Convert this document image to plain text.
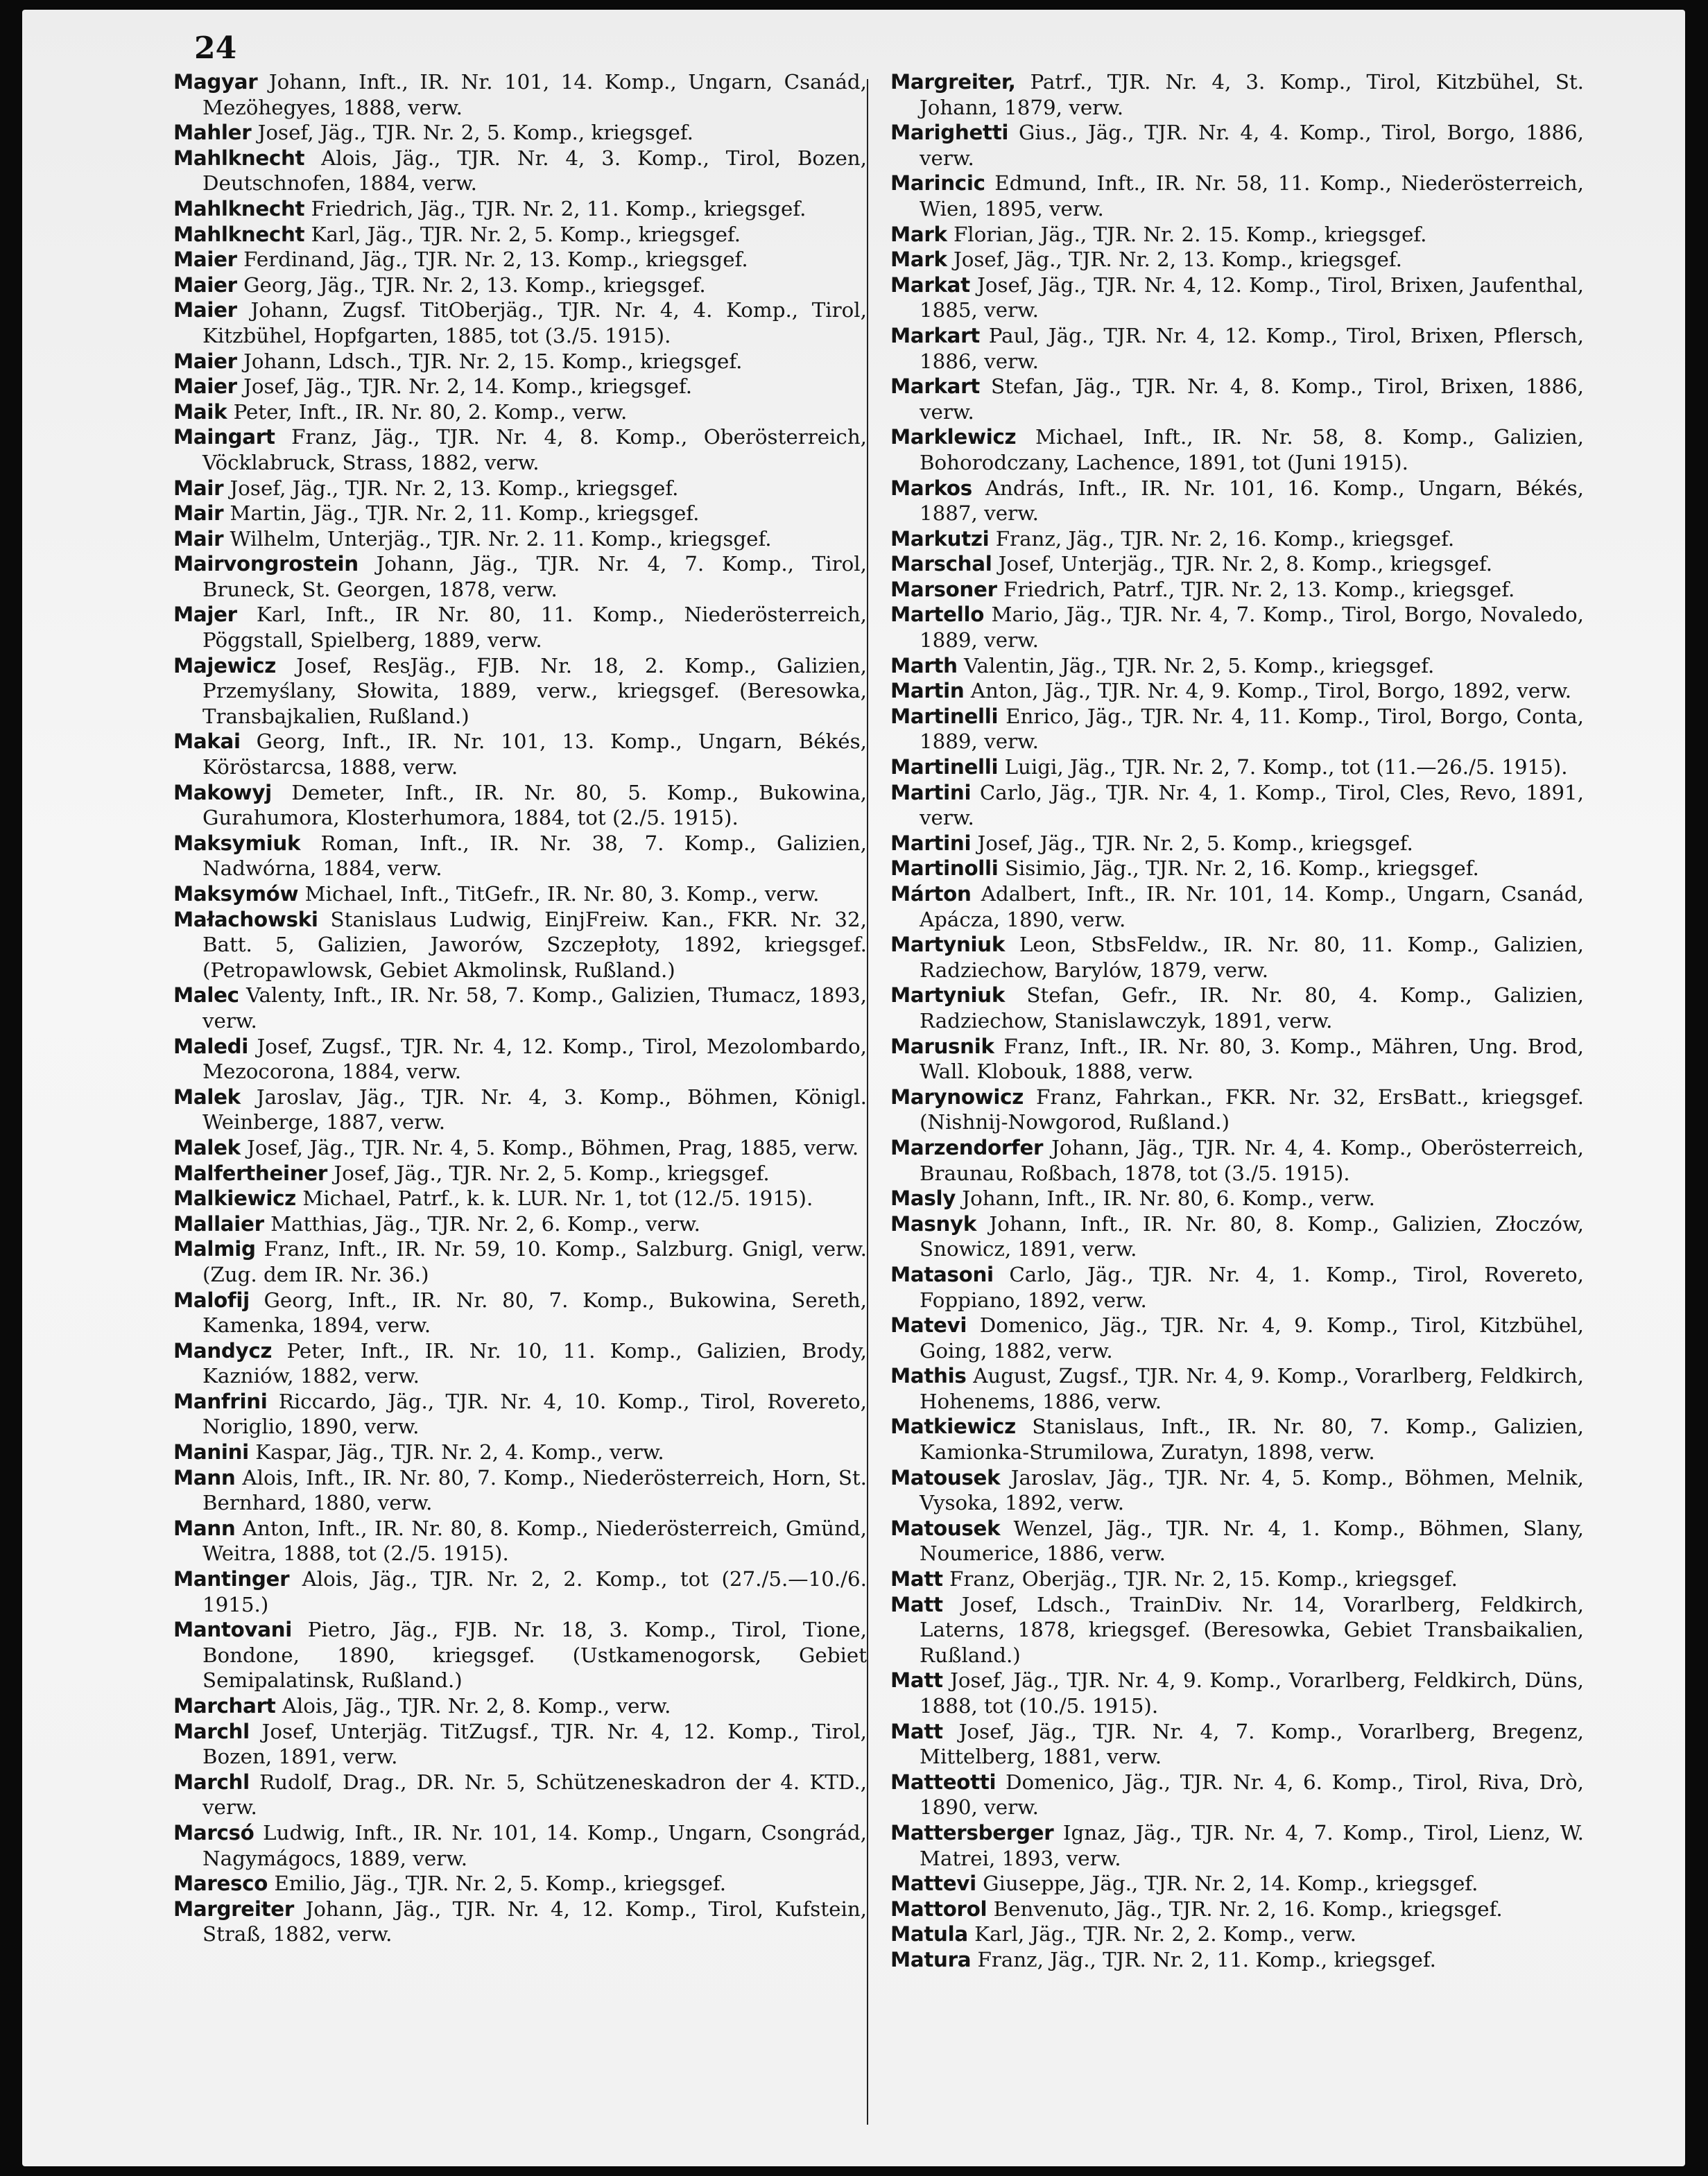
24

Magyar Johann, Inft., IR. Nr. 101, 14. Komp., Ungarn, Csanád, Mezöhegyes, 1888, verw.

Mahler Josef, Jäg., TJR. Nr. 2, 5. Komp., kriegsgef.

Mahlknecht Alois, Jäg., TJR. Nr. 4, 3. Komp., Tirol, Bozen, Deutschnofen, 1884, verw.

Mahlknecht Friedrich, Jäg., TJR. Nr. 2, 11. Komp., kriegsgef.

Mahlknecht Karl, Jäg., TJR. Nr. 2, 5. Komp., kriegsgef.

Maier Ferdinand, Jäg., TJR. Nr. 2, 13. Komp., kriegsgef.

Maier Georg, Jäg., TJR. Nr. 2, 13. Komp., kriegsgef.

Maier Johann, Zugsf. TitOberjäg., TJR. Nr. 4, 4. Komp., Tirol, Kitzbühel, Hopfgarten, 1885, tot (3./5. 1915).

Maier Johann, Ldsch., TJR. Nr. 2, 15. Komp., kriegsgef.

Maier Josef, Jäg., TJR. Nr. 2, 14. Komp., kriegsgef.

Maik Peter, Inft., IR. Nr. 80, 2. Komp., verw.

Maingart Franz, Jäg., TJR. Nr. 4, 8. Komp., Oberösterreich, Vöcklabruck, Strass, 1882, verw.

Mair Josef, Jäg., TJR. Nr. 2, 13. Komp., kriegsgef.

Mair Martin, Jäg., TJR. Nr. 2, 11. Komp., kriegsgef.

Mair Wilhelm, Unterjäg., TJR. Nr. 2. 11. Komp., kriegsgef.

Mairvongrostein Johann, Jäg., TJR. Nr. 4, 7. Komp., Tirol, Bruneck, St. Georgen, 1878, verw.

Majer Karl, Inft., IR Nr. 80, 11. Komp., Niederösterreich, Pöggstall, Spielberg, 1889, verw.

Majewicz Josef, ResJäg., FJB. Nr. 18, 2. Komp., Galizien, Przemyślany, Słowita, 1889, verw., kriegsgef. (Beresowka, Transbajkalien, Rußland.)

Makai Georg, Inft., IR. Nr. 101, 13. Komp., Ungarn, Békés, Köröstarcsa, 1888, verw.

Makowyj Demeter, Inft., IR. Nr. 80, 5. Komp., Bukowina, Gurahumora, Klosterhumora, 1884, tot (2./5. 1915).

Maksymiuk Roman, Inft., IR. Nr. 38, 7. Komp., Galizien, Nadwórna, 1884, verw.

Maksymów Michael, Inft., TitGefr., IR. Nr. 80, 3. Komp., verw.

Małachowski Stanislaus Ludwig, EinjFreiw. Kan., FKR. Nr. 32, Batt. 5, Galizien, Jaworów, Szczepłoty, 1892, kriegsgef. (Petropawlowsk, Gebiet Akmolinsk, Rußland.)

Malec Valenty, Inft., IR. Nr. 58, 7. Komp., Galizien, Tłumacz, 1893, verw.

Maledi Josef, Zugsf., TJR. Nr. 4, 12. Komp., Tirol, Mezolombardo, Mezocorona, 1884, verw.

Malek Jaroslav, Jäg., TJR. Nr. 4, 3. Komp., Böhmen, Königl. Weinberge, 1887, verw.

Malek Josef, Jäg., TJR. Nr. 4, 5. Komp., Böhmen, Prag, 1885, verw.

Malfertheiner Josef, Jäg., TJR. Nr. 2, 5. Komp., kriegsgef.

Malkiewicz Michael, Patrf., k. k. LUR. Nr. 1, tot (12./5. 1915).

Mallaier Matthias, Jäg., TJR. Nr. 2, 6. Komp., verw.

Malmig Franz, Inft., IR. Nr. 59, 10. Komp., Salzburg. Gnigl, verw. (Zug. dem IR. Nr. 36.)

Malofij Georg, Inft., IR. Nr. 80, 7. Komp., Bukowina, Sereth, Kamenka, 1894, verw.

Mandycz Peter, Inft., IR. Nr. 10, 11. Komp., Galizien, Brody, Kazniów, 1882, verw.

Manfrini Riccardo, Jäg., TJR. Nr. 4, 10. Komp., Tirol, Rovereto, Noriglio, 1890, verw.

Manini Kaspar, Jäg., TJR. Nr. 2, 4. Komp., verw.

Mann Alois, Inft., IR. Nr. 80, 7. Komp., Niederösterreich, Horn, St. Bernhard, 1880, verw.

Mann Anton, Inft., IR. Nr. 80, 8. Komp., Niederösterreich, Gmünd, Weitra, 1888, tot (2./5. 1915).

Mantinger Alois, Jäg., TJR. Nr. 2, 2. Komp., tot (27./5.—10./6. 1915.)

Mantovani Pietro, Jäg., FJB. Nr. 18, 3. Komp., Tirol, Tione, Bondone, 1890, kriegsgef. (Ustkamenogorsk, Gebiet Semipalatinsk, Rußland.)

Marchart Alois, Jäg., TJR. Nr. 2, 8. Komp., verw.

Marchl Josef, Unterjäg. TitZugsf., TJR. Nr. 4, 12. Komp., Tirol, Bozen, 1891, verw.

Marchl Rudolf, Drag., DR. Nr. 5, Schützeneskadron der 4. KTD., verw.

Marcsó Ludwig, Inft., IR. Nr. 101, 14. Komp., Ungarn, Csongrád, Nagymágocs, 1889, verw.

Maresco Emilio, Jäg., TJR. Nr. 2, 5. Komp., kriegsgef.

Margreiter Johann, Jäg., TJR. Nr. 4, 12. Komp., Tirol, Kufstein, Straß, 1882, verw.

Margreiter, Patrf., TJR. Nr. 4, 3. Komp., Tirol, Kitzbühel, St. Johann, 1879, verw.

Marighetti Gius., Jäg., TJR. Nr. 4, 4. Komp., Tirol, Borgo, 1886, verw.

Marincic Edmund, Inft., IR. Nr. 58, 11. Komp., Niederösterreich, Wien, 1895, verw.

Mark Florian, Jäg., TJR. Nr. 2. 15. Komp., kriegsgef.

Mark Josef, Jäg., TJR. Nr. 2, 13. Komp., kriegsgef.

Markat Josef, Jäg., TJR. Nr. 4, 12. Komp., Tirol, Brixen, Jaufenthal, 1885, verw.

Markart Paul, Jäg., TJR. Nr. 4, 12. Komp., Tirol, Brixen, Pflersch, 1886, verw.

Markart Stefan, Jäg., TJR. Nr. 4, 8. Komp., Tirol, Brixen, 1886, verw.

Marklewicz Michael, Inft., IR. Nr. 58, 8. Komp., Galizien, Bohorodczany, Lachence, 1891, tot (Juni 1915).

Markos András, Inft., IR. Nr. 101, 16. Komp., Ungarn, Békés, 1887, verw.

Markutzi Franz, Jäg., TJR. Nr. 2, 16. Komp., kriegsgef.

Marschal Josef, Unterjäg., TJR. Nr. 2, 8. Komp., kriegsgef.

Marsoner Friedrich, Patrf., TJR. Nr. 2, 13. Komp., kriegsgef.

Martello Mario, Jäg., TJR. Nr. 4, 7. Komp., Tirol, Borgo, Novaledo, 1889, verw.

Marth Valentin, Jäg., TJR. Nr. 2, 5. Komp., kriegsgef.

Martin Anton, Jäg., TJR. Nr. 4, 9. Komp., Tirol, Borgo, 1892, verw.

Martinelli Enrico, Jäg., TJR. Nr. 4, 11. Komp., Tirol, Borgo, Conta, 1889, verw.

Martinelli Luigi, Jäg., TJR. Nr. 2, 7. Komp., tot (11.—26./5. 1915).

Martini Carlo, Jäg., TJR. Nr. 4, 1. Komp., Tirol, Cles, Revo, 1891, verw.

Martini Josef, Jäg., TJR. Nr. 2, 5. Komp., kriegsgef.

Martinolli Sisimio, Jäg., TJR. Nr. 2, 16. Komp., kriegsgef.

Márton Adalbert, Inft., IR. Nr. 101, 14. Komp., Ungarn, Csanád, Apácza, 1890, verw.

Martyniuk Leon, StbsFeldw., IR. Nr. 80, 11. Komp., Galizien, Radziechow, Barylów, 1879, verw.

Martyniuk Stefan, Gefr., IR. Nr. 80, 4. Komp., Galizien, Radziechow, Stanislawczyk, 1891, verw.

Marusnik Franz, Inft., IR. Nr. 80, 3. Komp., Mähren, Ung. Brod, Wall. Klobouk, 1888, verw.

Marynowicz Franz, Fahrkan., FKR. Nr. 32, ErsBatt., kriegsgef. (Nishnij-Nowgorod, Rußland.)

Marzendorfer Johann, Jäg., TJR. Nr. 4, 4. Komp., Oberösterreich, Braunau, Roßbach, 1878, tot (3./5. 1915).

Masly Johann, Inft., IR. Nr. 80, 6. Komp., verw.

Masnyk Johann, Inft., IR. Nr. 80, 8. Komp., Galizien, Złoczów, Snowicz, 1891, verw.

Matasoni Carlo, Jäg., TJR. Nr. 4, 1. Komp., Tirol, Rovereto, Foppiano, 1892, verw.

Matevi Domenico, Jäg., TJR. Nr. 4, 9. Komp., Tirol, Kitzbühel, Going, 1882, verw.

Mathis August, Zugsf., TJR. Nr. 4, 9. Komp., Vorarlberg, Feldkirch, Hohenems, 1886, verw.

Matkiewicz Stanislaus, Inft., IR. Nr. 80, 7. Komp., Galizien, Kamionka-Strumilowa, Zuratyn, 1898, verw.

Matousek Jaroslav, Jäg., TJR. Nr. 4, 5. Komp., Böhmen, Melnik, Vysoka, 1892, verw.

Matousek Wenzel, Jäg., TJR. Nr. 4, 1. Komp., Böhmen, Slany, Noumerice, 1886, verw.

Matt Franz, Oberjäg., TJR. Nr. 2, 15. Komp., kriegsgef.

Matt Josef, Ldsch., TrainDiv. Nr. 14, Vorarlberg, Feldkirch, Laterns, 1878, kriegsgef. (Beresowka, Gebiet Transbaikalien, Rußland.)

Matt Josef, Jäg., TJR. Nr. 4, 9. Komp., Vorarlberg, Feldkirch, Düns, 1888, tot (10./5. 1915).

Matt Josef, Jäg., TJR. Nr. 4, 7. Komp., Vorarlberg, Bregenz, Mittelberg, 1881, verw.

Matteotti Domenico, Jäg., TJR. Nr. 4, 6. Komp., Tirol, Riva, Drò, 1890, verw.

Mattersberger Ignaz, Jäg., TJR. Nr. 4, 7. Komp., Tirol, Lienz, W. Matrei, 1893, verw.

Mattevi Giuseppe, Jäg., TJR. Nr. 2, 14. Komp., kriegsgef.

Mattorol Benvenuto, Jäg., TJR. Nr. 2, 16. Komp., kriegsgef.

Matula Karl, Jäg., TJR. Nr. 2, 2. Komp., verw.

Matura Franz, Jäg., TJR. Nr. 2, 11. Komp., kriegsgef.
